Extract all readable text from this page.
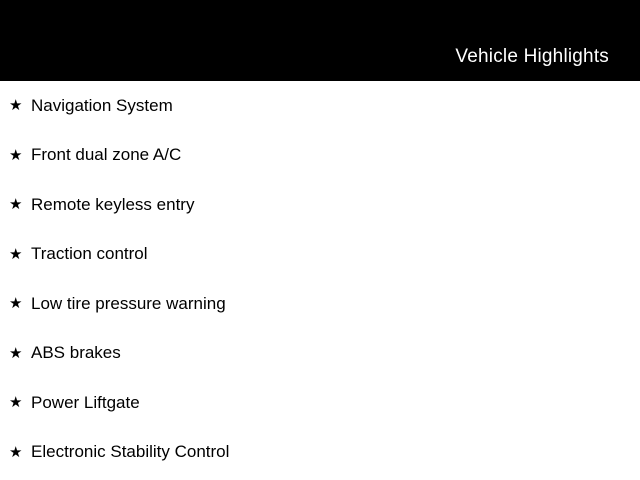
Vehicle Highlights
★ Navigation System
★ Front dual zone A/C
★ Remote keyless entry
★ Traction control
★ Low tire pressure warning
★ ABS brakes
★ Power Liftgate
★ Electronic Stability Control
